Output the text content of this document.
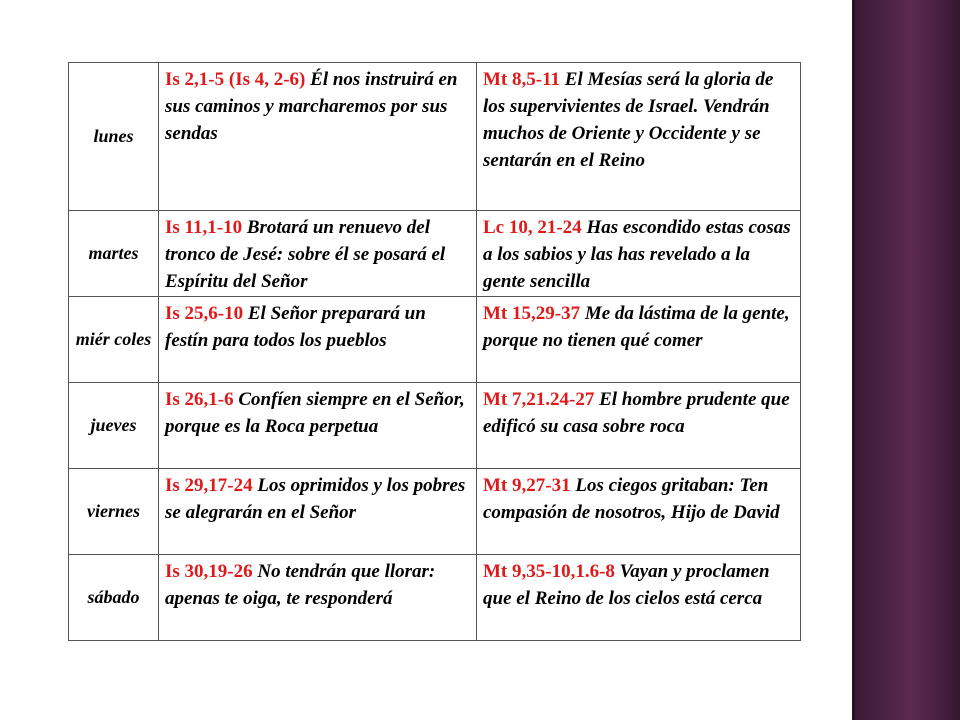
lunes	Is 2,1-5 (Is 4, 2-6) Él nos instruirá en sus caminos y marcharemos por sus sendas	Mt 8,5-11 El Mesías será la gloria de los supervivientes de Israel. Vendrán muchos de Oriente y Occidente y se sentarán en el Reino
martes	Is 11,1-10 Brotará un renuevo del tronco de Jesé: sobre él se posará el Espíritu del Señor	Lc 10, 21-24 Has escondido estas cosas a los sabios y las has revelado a la gente sencilla
miér coles	Is 25,6-10 El Señor preparará un festín para todos los pueblos	Mt 15,29-37 Me da lástima de la gente, porque no tienen qué comer
jueves	Is 26,1-6 Confíen siempre en el Señor, porque es la Roca perpetua	Mt 7,21.24-27 El hombre prudente que edificó su casa sobre roca
viernes	Is 29,17-24 Los oprimidos y los pobres se alegrarán en el Señor	Mt 9,27-31 Los ciegos gritaban: Ten compasión de nosotros, Hijo de David
sábado	Is 30,19-26 No tendrán que llorar: apenas te oiga, te responderá	Mt 9,35-10,1.6-8 Vayan y proclamen que el Reino de los cielos está cerca
